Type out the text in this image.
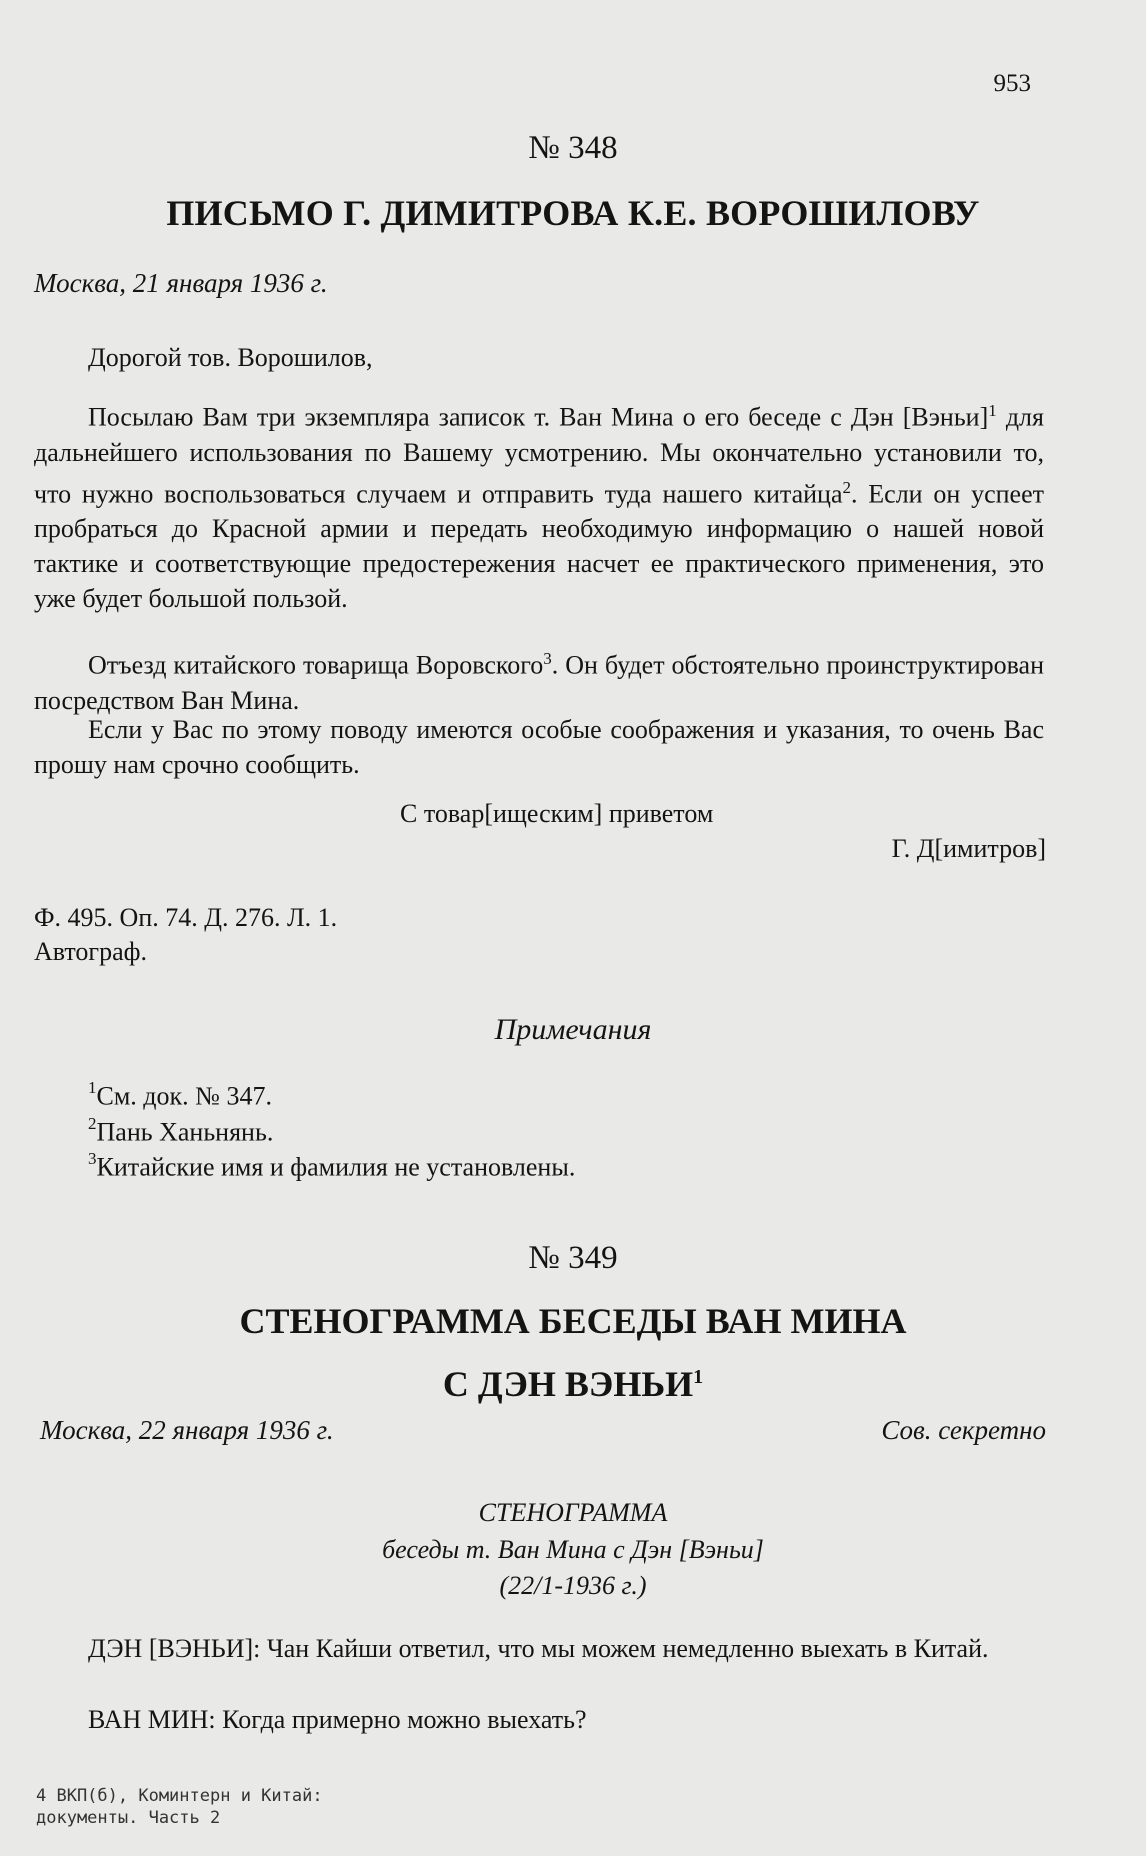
953
№ 348
ПИСЬМО Г. ДИМИТРОВА К.Е. ВОРОШИЛОВУ
Москва, 21 января 1936 г.

Дорогой тов. Ворошилов,

Посылаю Вам три экземпляра записок т. Ван Мина о его беседе с Дэн [Вэньи]$^1$ для дальнейшего использования по Вашему усмотрению. Мы окончательно установили то, что нужно воспользоваться случаем и отправить туда нашего китайца$^2$. Если он успеет пробраться до Красной армии и передать необходимую информацию о нашей новой тактике и соответствующие предостережения насчет ее практического применения, это уже будет большой пользой.

Отъезд китайского товарища Воровского$^3$. Он будет обстоятельно проинструктирован посредством Ван Мина.

Если у Вас по этому поводу имеются особые соображения и указания, то очень Вас прошу нам срочно сообщить.

С товар[ищеским] приветом
Г. Д[имитров]
Ф. 495. Оп. 74. Д. 276. Л. 1.
Автограф.
Примечания
$^1$См. док. № 347.
$^2$Пань Ханьнянь.
$^3$Китайские имя и фамилия не установлены.
№ 349
СТЕНОГРАММА БЕСЕДЫ ВАН МИНА
С ДЭН ВЭНЬИ$^1$
Москва, 22 января 1936 г.	Сов. секретно
СТЕНОГРАММА
беседы т. Ван Мина с Дэн [Вэньи]
(22/1-1936 г.)

ДЭН [ВЭНЬИ]: Чан Кайши ответил, что мы можем немедленно выехать в Китай.

ВАН МИН: Когда примерно можно выехать?

4 ВКП(б), Коминтерн и Китай:
документы. Часть 2
